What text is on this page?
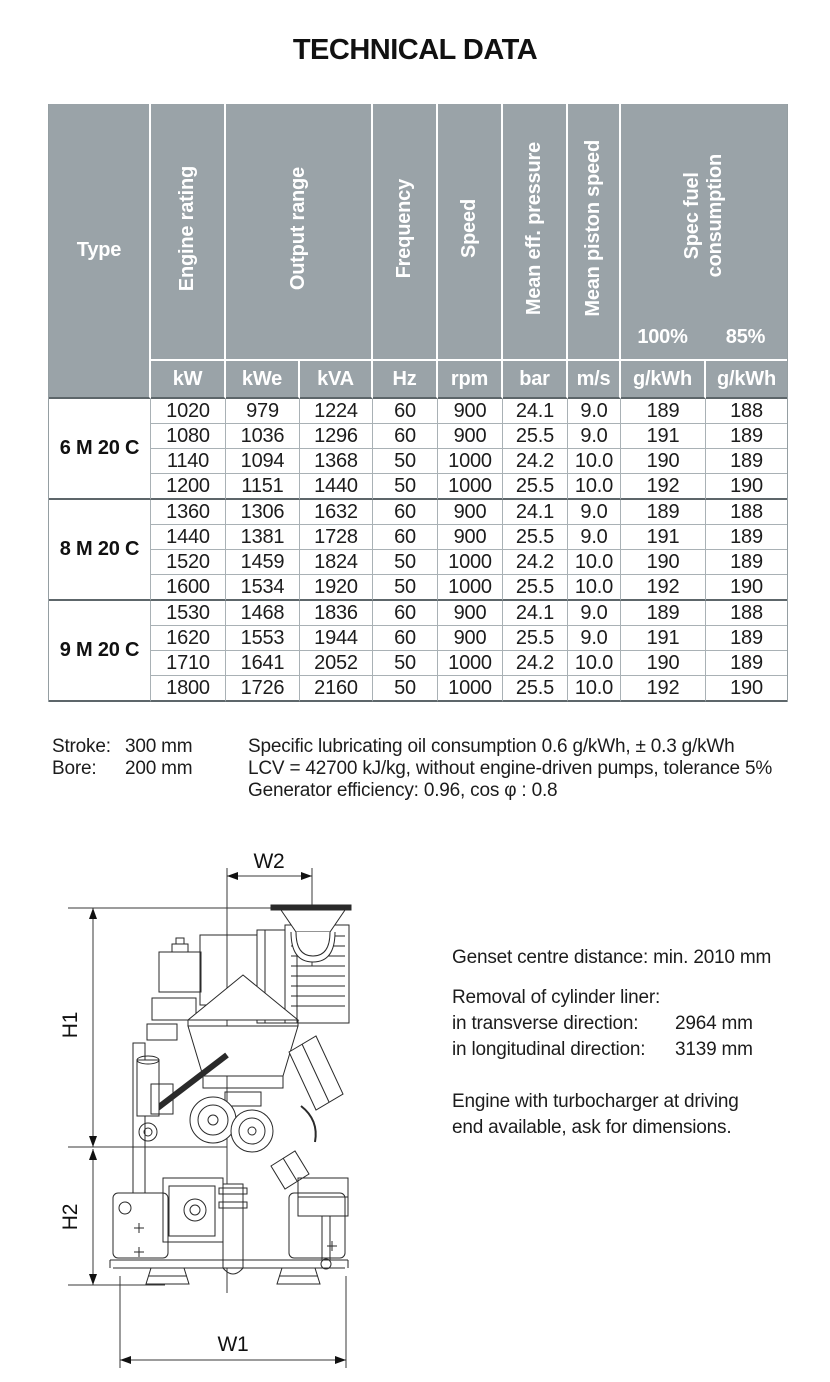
TECHNICAL DATA
Type	Engine rating	Output range		Frequency	Speed	Mean eff. pressure	Mean piston speed	Spec fuel consumption
100% 85%	

	kW	kWe	kVA	Hz	rpm	bar	m/s	g/kWh	g/kWh
6 M 20 C	1020	979	1224	60	900	24.1	9.0	189	188
	1080	1036	1296	60	900	25.5	9.0	191	189
	1140	1094	1368	50	1000	24.2	10.0	190	189
	1200	1151	1440	50	1000	25.5	10.0	192	190
8 M 20 C	1360	1306	1632	60	900	24.1	9.0	189	188
	1440	1381	1728	60	900	25.5	9.0	191	189
	1520	1459	1824	50	1000	24.2	10.0	190	189
	1600	1534	1920	50	1000	25.5	10.0	192	190
9 M 20 C	1530	1468	1836	60	900	24.1	9.0	189	188
	1620	1553	1944	60	900	25.5	9.0	191	189
	1710	1641	2052	50	1000	24.2	10.0	190	189
	1800	1726	2160	50	1000	25.5	10.0	192	190
Stroke: 300 mm
Bore: 200 mm
Specific lubricating oil consumption 0.6 g/kWh, ± 0.3 g/kWh
LCV = 42700 kJ/kg, without engine-driven pumps, tolerance 5%
Generator efficiency: 0.96, cos φ : 0.8
W2
H1
H2
W1
Genset centre distance: min. 2010 mm
Removal of cylinder liner:
in transverse direction:	2964 mm
in longitudinal direction:	3139 mm
Engine with turbocharger at driving
end available, ask for dimensions.
